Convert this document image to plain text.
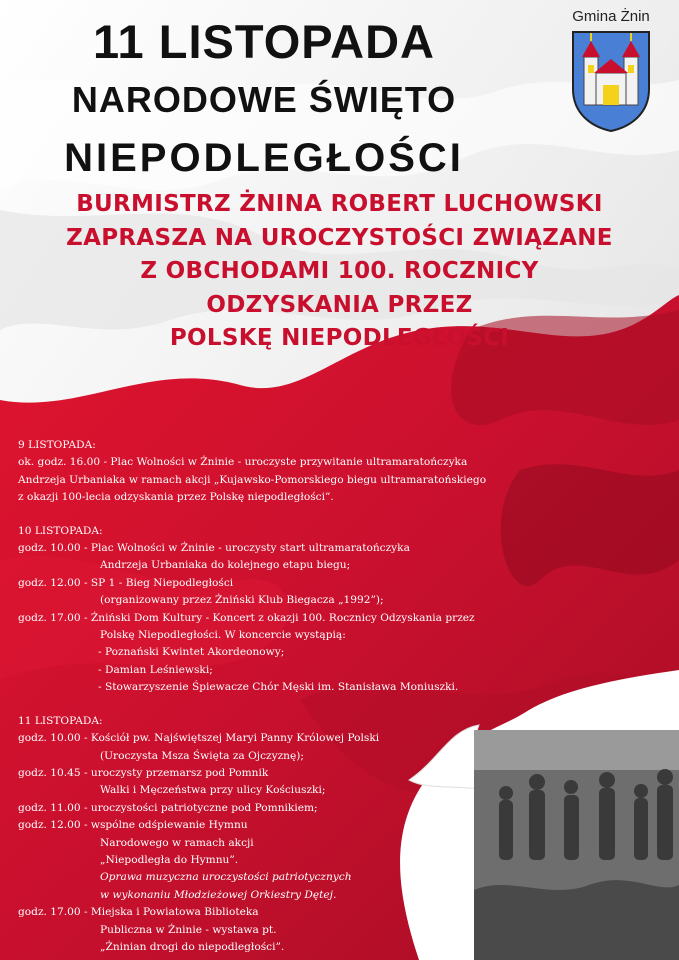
11 LISTOPADA
NARODOWE ŚWIĘTO
NIEPODLEGŁOŚCI
Gmina Żnin
BURMISTRZ ŻNINA ROBERT LUCHOWSKI
ZAPRASZA NA UROCZYSTOŚCI ZWIĄZANE
Z OBCHODAMI 100. ROCZNICY
ODZYSKANIA PRZEZ
POLSKĘ NIEPODLEGŁOŚCI
9 LISTOPADA:
ok. godz. 16.00 - Plac Wolności w Żninie - uroczyste przywitanie ultramaratończyka
Andrzeja Urbaniaka w ramach akcji „Kujawsko-Pomorskiego biegu ultramaratońskiego
z okazji 100-lecia odzyskania przez Polskę niepodległości”.
10 LISTOPADA:
godz. 10.00 - Plac Wolności w Żninie - uroczysty start ultramaratończyka
Andrzeja Urbaniaka do kolejnego etapu biegu;
godz. 12.00 - SP 1 - Bieg Niepodległości
(organizowany przez Żniński Klub Biegacza „1992”);
godz. 17.00 - Żniński Dom Kultury - Koncert z okazji 100. Rocznicy Odzyskania przez
Polskę Niepodległości. W koncercie wystąpią:
- Poznański Kwintet Akordeonowy;
- Damian Leśniewski;
- Stowarzyszenie Śpiewacze Chór Męski im. Stanisława Moniuszki.
11 LISTOPADA:
godz. 10.00 - Kościół pw. Najświętszej Maryi Panny Królowej Polski
(Uroczysta Msza Święta za Ojczyznę);
godz. 10.45 - uroczysty przemarsz pod Pomnik
Walki i Męczeństwa przy ulicy Kościuszki;
godz. 11.00 - uroczystości patriotyczne pod Pomnikiem;
godz. 12.00 - wspólne odśpiewanie Hymnu
Narodowego w ramach akcji
„Niepodległa do Hymnu”.
Oprawa muzyczna uroczystości patriotycznych
w wykonaniu Młodzieżowej Orkiestry Dętej.
godz. 17.00 - Miejska i Powiatowa Biblioteka
Publiczna w Żninie - wystawa pt.
„Żninian drogi do niepodległości”.
